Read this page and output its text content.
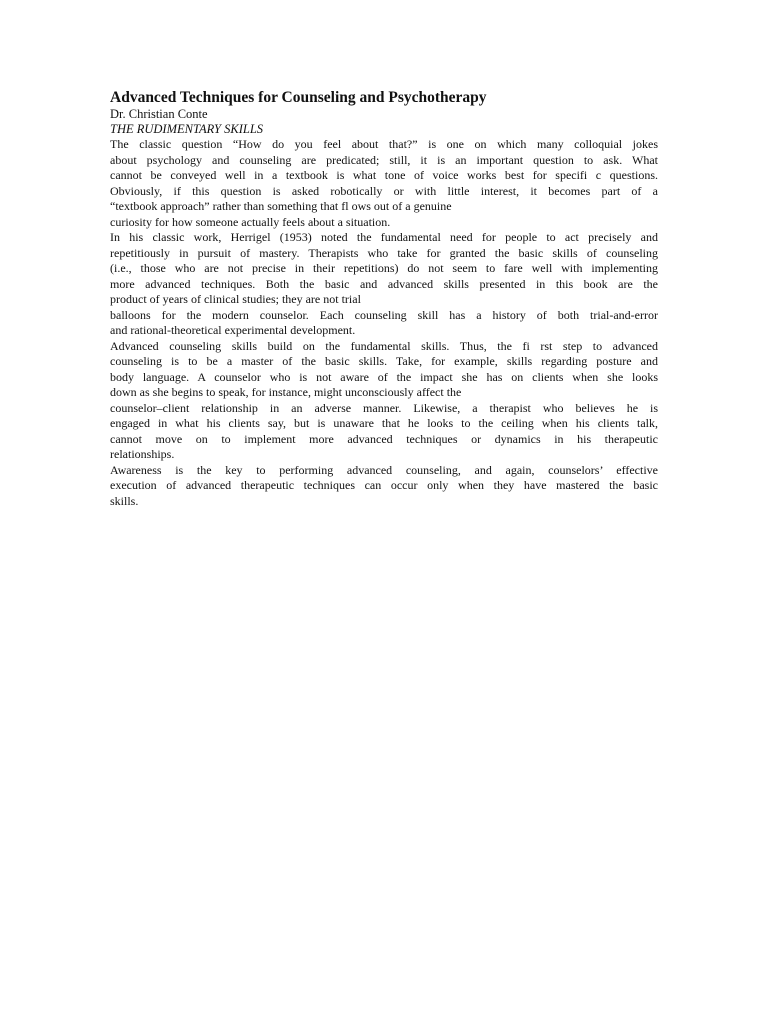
Advanced Techniques for Counseling and Psychotherapy
Dr. Christian Conte
THE RUDIMENTARY SKILLS
The classic question “How do you feel about that?” is one on which many colloquial jokes
about psychology and counseling are predicated; still, it is an important question to ask. What
cannot be conveyed well in a textbook is what tone of voice works best for specifi c questions.
Obviously, if this question is asked robotically or with little interest, it becomes part of a
“textbook approach” rather than something that fl ows out of a genuine
curiosity for how someone actually feels about a situation.
In his classic work, Herrigel (1953) noted the fundamental need for people to act precisely and
repetitiously in pursuit of mastery. Therapists who take for granted the basic skills of counseling
(i.e., those who are not precise in their repetitions) do not seem to fare well with implementing
more advanced techniques. Both the basic and advanced skills presented in this book are the
product of years of clinical studies; they are not trial
balloons for the modern counselor. Each counseling skill has a history of both trial-and-error
and rational-theoretical experimental development.
Advanced counseling skills build on the fundamental skills. Thus, the fi rst step to advanced
counseling is to be a master of the basic skills. Take, for example, skills regarding posture and
body language. A counselor who is not aware of the impact she has on clients when she looks
down as she begins to speak, for instance, might unconsciously affect the
counselor–client relationship in an adverse manner. Likewise, a therapist who believes he is
engaged in what his clients say, but is unaware that he looks to the ceiling when his clients talk,
cannot move on to implement more advanced techniques or dynamics in his therapeutic
relationships.
Awareness is the key to performing advanced counseling, and again, counselors’ effective
execution of advanced therapeutic techniques can occur only when they have mastered the basic
skills.
